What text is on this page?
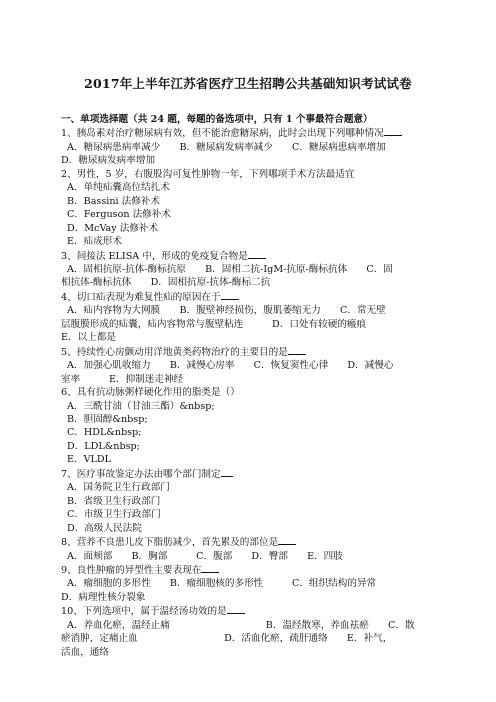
2017年上半年江苏省医疗卫生招聘公共基础知识考试试卷
一、单项选择题（共 24 题，每题的备选项中，只有 1 个事最符合题意）
1、胰岛素对治疗糖尿病有效，但不能治愈糖尿病，此时会出现下列哪种情况
A．糖尿病患病率减少　　B．糖尿病发病率减少　　C．糖尿病患病率增加
D．糖尿病发病率增加
2、男性，5 岁，右腹股沟可复性肿物一年，下列哪项手术方法最适宜
A．单纯疝囊高位结扎术
B．Bassini 法修补术
C．Ferguson 法修补术
D．McVay 法修补术
E．疝成形术
3、间接法 ELISA 中，形成的免疫复合物是
A．固相抗原-抗体-酶标抗原　　B．固相二抗-IgM-抗原-酶标抗体　　C．固
相抗体-酶标抗体　　D．固相抗原-抗体-酶标二抗
4、切口疝表现为难复性疝的原因在于
A．疝内容物为大网膜　　B．腹壁神经损伤，腹肌萎缩无力　　C．常无壁
层腹膜形成的疝囊，疝内容物常与腹壁粘连　　　D．口处有较硬的瘢痕
E．以上都是
5、持续性心房颤动用洋地黄类药物治疗的主要目的是
A．加强心肌收缩力　　B．减慢心房率　　C．恢复窦性心律　　D．减慢心
室率　　　E．抑制迷走神经
6、具有抗动脉粥样硬化作用的脂类是（）
A．三酰甘油（甘油三酯）&nbsp;
B．胆固醇&nbsp;
C．HDL&nbsp;
D．LDL&nbsp;
E．VLDL
7、医疗事故鉴定办法由哪个部门制定
A．国务院卫生行政部门
B．省级卫生行政部门
C．市级卫生行政部门
D．高级人民法院
8、营养不良患儿皮下脂肪减少，首先累及的部位是
A．面颊部　　B．胸部　　　C．腹部　　D．臀部　　E．四肢
9、良性肿瘤的异型性主要表现在
A．瘤细胞的多形性　　B．瘤细胞核的多形性　　　C．组织结构的异常
D．病理性核分裂象
10、下列选项中，属于温经汤功效的是
A．养血化瘀，温经止痛　　　　　　　　　　B．温经散寒，养血祛瘀　　C．散
瘀消肿，定痛止血　　　　　　　　　D．活血化瘀，疏肝通络　　E．补气，
活血，通络
